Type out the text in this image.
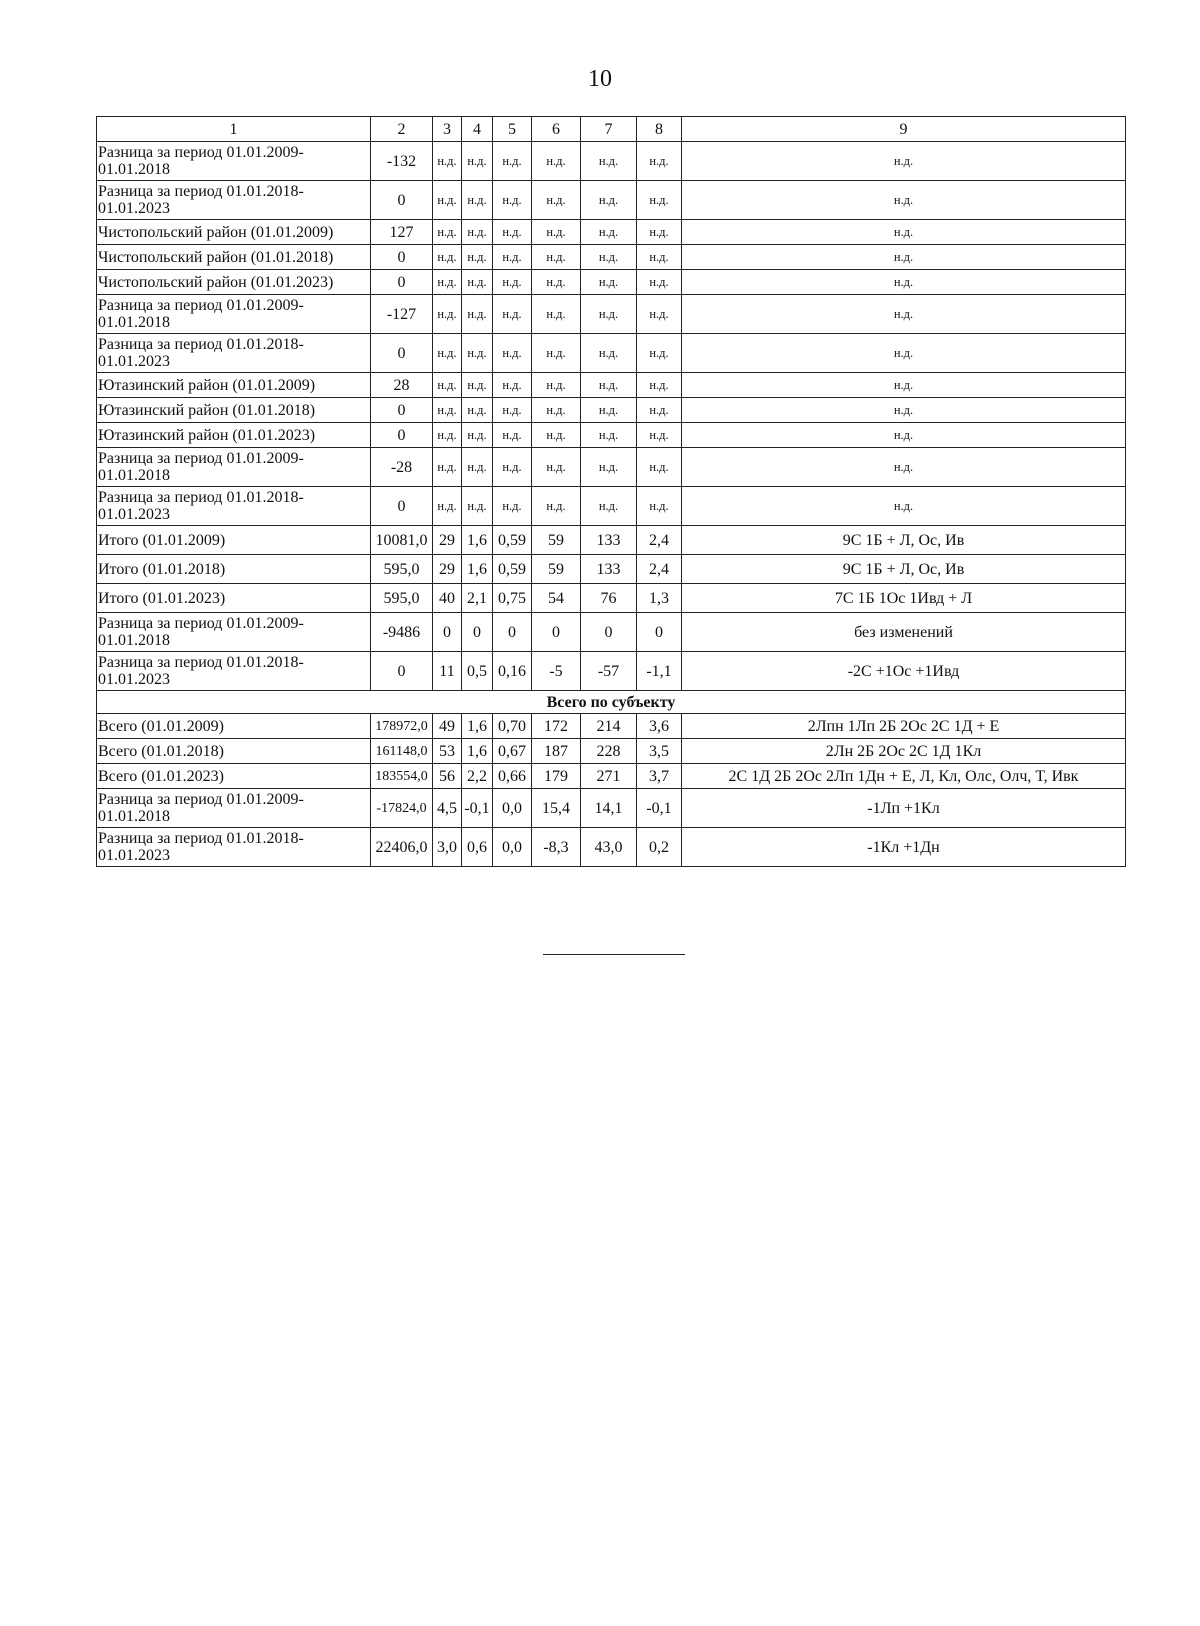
10
1	2	3	4	5	6	7	8	9
Разница за период 01.01.2009-01.01.2018	-132	н.д.	н.д.	н.д.	н.д.	н.д.	н.д.	н.д.
Разница за период 01.01.2018-01.01.2023	0	н.д.	н.д.	н.д.	н.д.	н.д.	н.д.	н.д.
Чистопольский район (01.01.2009)	127	н.д.	н.д.	н.д.	н.д.	н.д.	н.д.	н.д.
Чистопольский район (01.01.2018)	0	н.д.	н.д.	н.д.	н.д.	н.д.	н.д.	н.д.
Чистопольский район (01.01.2023)	0	н.д.	н.д.	н.д.	н.д.	н.д.	н.д.	н.д.
Разница за период 01.01.2009-01.01.2018	-127	н.д.	н.д.	н.д.	н.д.	н.д.	н.д.	н.д.
Разница за период 01.01.2018-01.01.2023	0	н.д.	н.д.	н.д.	н.д.	н.д.	н.д.	н.д.
Ютазинский район (01.01.2009)	28	н.д.	н.д.	н.д.	н.д.	н.д.	н.д.	н.д.
Ютазинский район (01.01.2018)	0	н.д.	н.д.	н.д.	н.д.	н.д.	н.д.	н.д.
Ютазинский район (01.01.2023)	0	н.д.	н.д.	н.д.	н.д.	н.д.	н.д.	н.д.
Разница за период 01.01.2009-01.01.2018	-28	н.д.	н.д.	н.д.	н.д.	н.д.	н.д.	н.д.
Разница за период 01.01.2018-01.01.2023	0	н.д.	н.д.	н.д.	н.д.	н.д.	н.д.	н.д.
Итого (01.01.2009)	10081,0	29	1,6	0,59	59	133	2,4	9С 1Б + Л, Ос, Ив
Итого (01.01.2018)	595,0	29	1,6	0,59	59	133	2,4	9С 1Б + Л, Ос, Ив
Итого (01.01.2023)	595,0	40	2,1	0,75	54	76	1,3	7С 1Б 1Ос 1Ивд + Л
Разница за период 01.01.2009-01.01.2018	-9486	0	0	0	0	0	0	без изменений
Разница за период 01.01.2018-01.01.2023	0	11	0,5	0,16	-5	-57	-1,1	-2С +1Ос +1Ивд
Всего по субъекту								
Всего (01.01.2009)	178972,0	49	1,6	0,70	172	214	3,6	2Лпн 1Лп 2Б 2Ос 2С 1Д + Е
Всего (01.01.2018)	161148,0	53	1,6	0,67	187	228	3,5	2Лн 2Б 2Ос 2С 1Д 1Кл
Всего (01.01.2023)	183554,0	56	2,2	0,66	179	271	3,7	2С 1Д 2Б 2Ос 2Лп 1Дн + Е, Л, Кл, Олс, Олч, Т, Ивк
Разница за период 01.01.2009-01.01.2018	-17824,0	4,5	-0,1	0,0	15,4	14,1	-0,1	-1Лп +1Кл
Разница за период 01.01.2018-01.01.2023	22406,0	3,0	0,6	0,0	-8,3	43,0	0,2	-1Кл +1Дн
